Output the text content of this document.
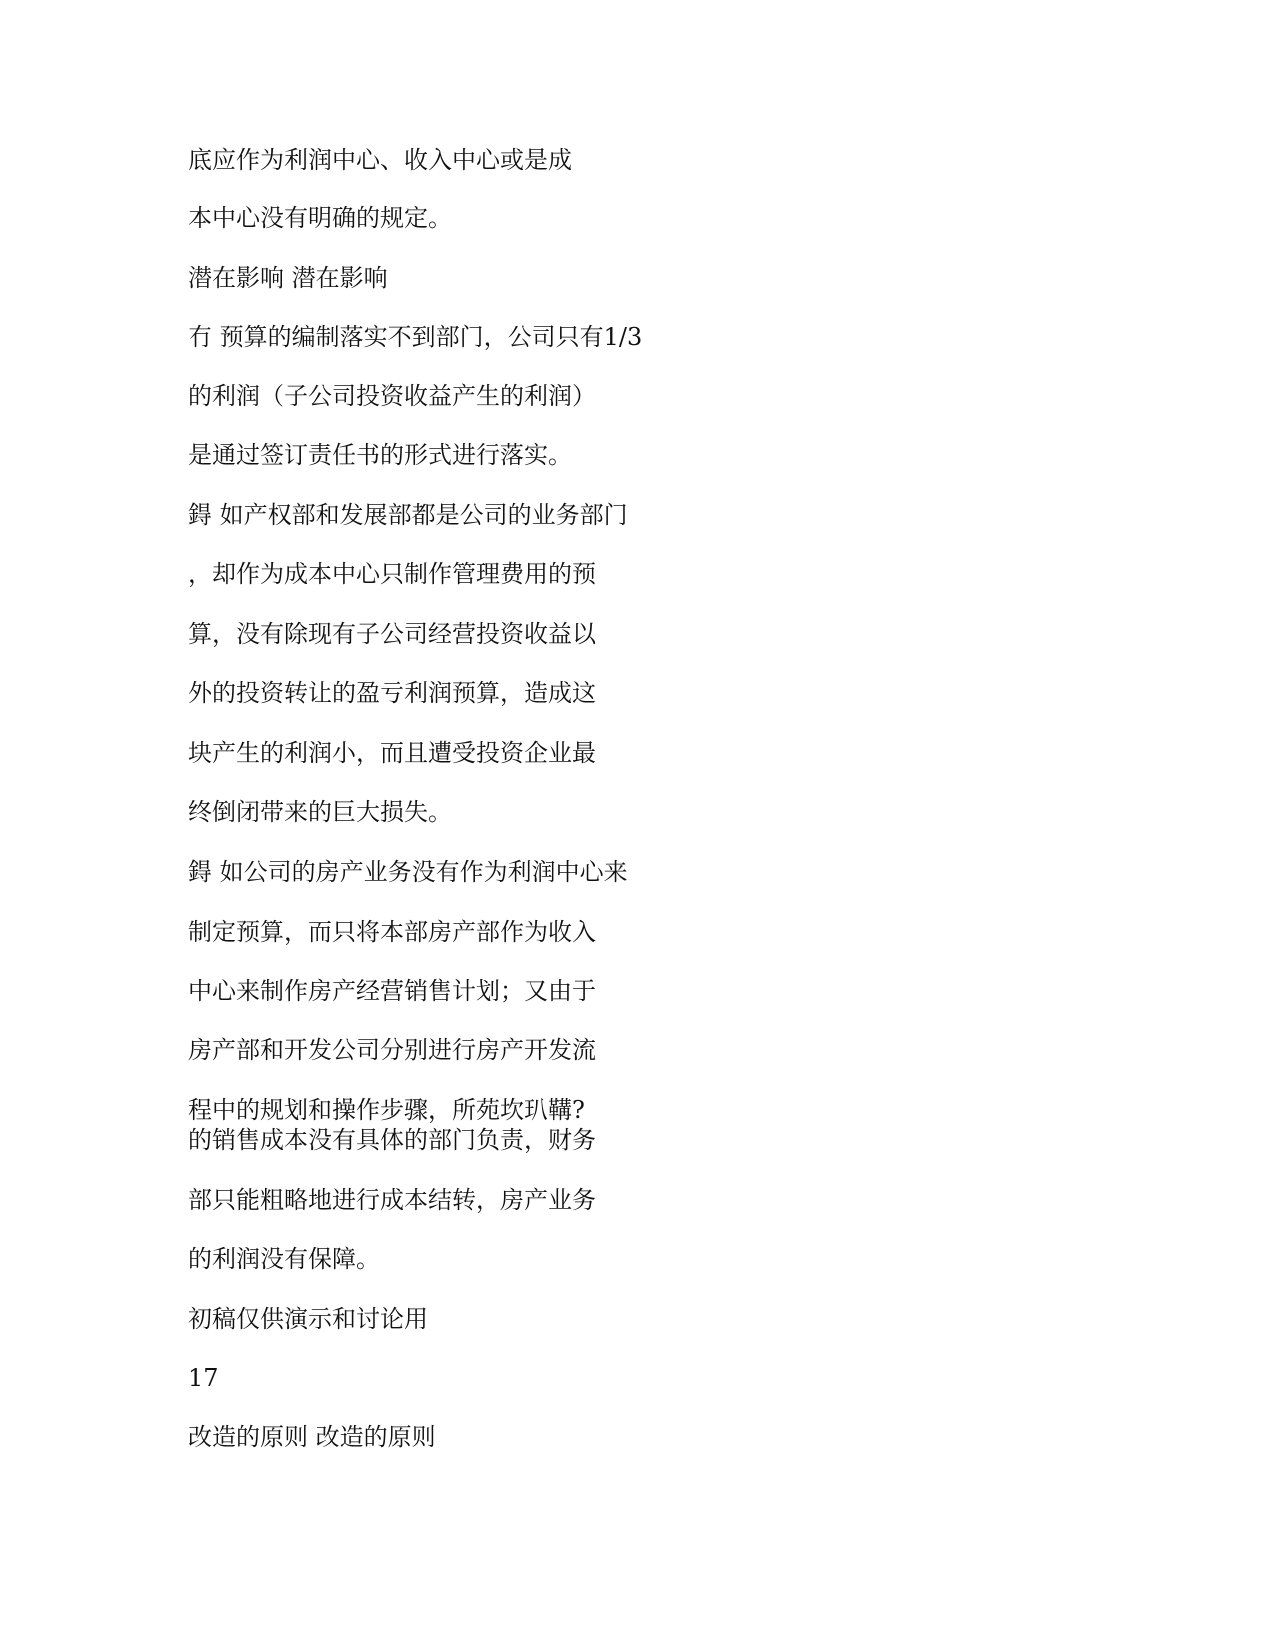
底应作为利润中心、收入中心或是成

本中心没有明确的规定。

潜在影响 潜在影响

冇 预算的编制落实不到部门，公司只有1/3

的利润（子公司投资收益产生的利润）

是通过签订责任书的形式进行落实。

鍀 如产权部和发展部都是公司的业务部门

，却作为成本中心只制作管理费用的预

算，没有除现有子公司经营投资收益以

外的投资转让的盈亏利润预算，造成这

块产生的利润小，而且遭受投资企业最

终倒闭带来的巨大损失。

鍀 如公司的房产业务没有作为利润中心来

制定预算，而只将本部房产部作为收入

中心来制作房产经营销售计划；又由于

房产部和开发公司分别进行房产开发流

程中的规划和操作步骤，所苑坎玐鞲?

的销售成本没有具体的部门负责，财务

部只能粗略地进行成本结转，房产业务

的利润没有保障。

初稿仅供演示和讨论用

17

改造的原则 改造的原则
